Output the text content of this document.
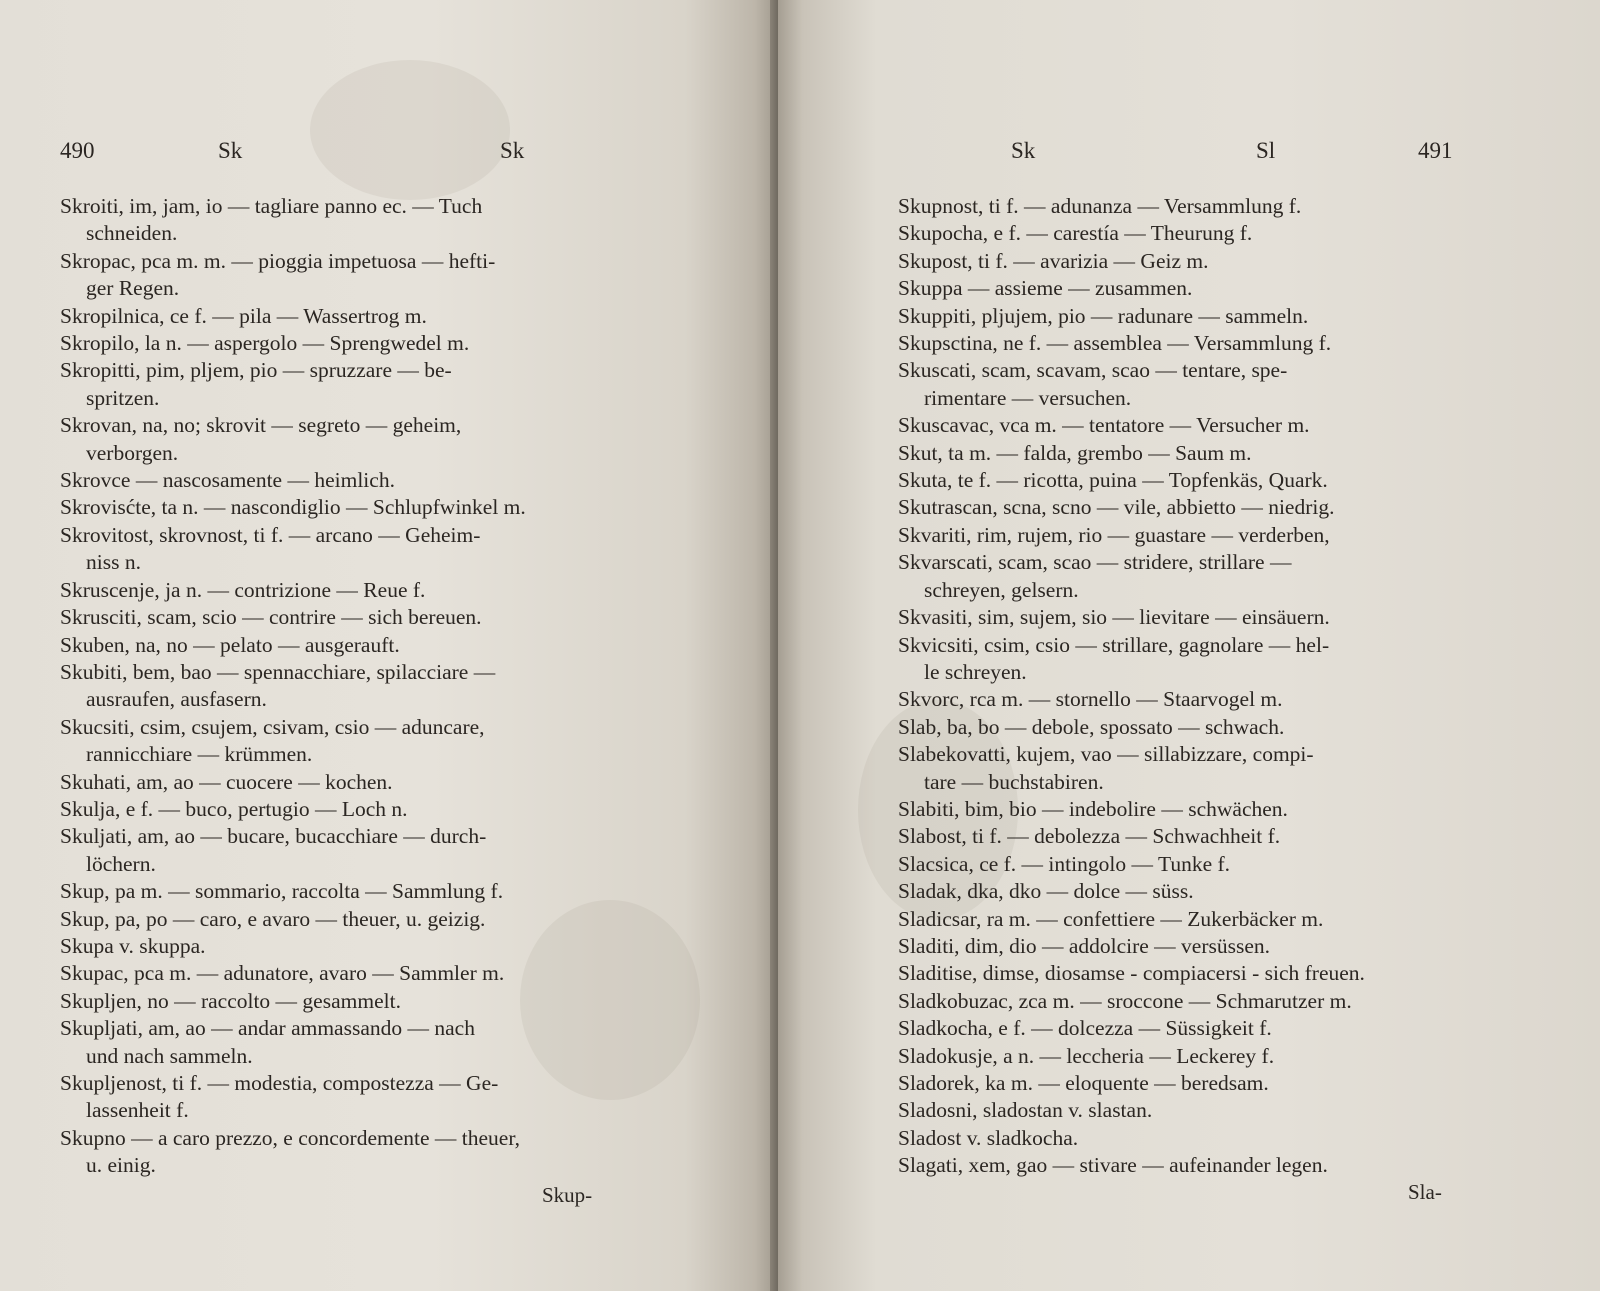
490	Sk	Sk
Skroiti, im, jam, io — tagliare panno ec. — Tuch
schneiden.
Skropac, pca m. m. — pioggia impetuosa — hefti-
ger Regen.
Skropilnica, ce f. — pila — Wassertrog m.
Skropilo, la n. — aspergolo — Sprengwedel m.
Skropitti, pim, pljem, pio — spruzzare — be-
spritzen.
Skrovan, na, no; skrovit — segreto — geheim,
verborgen.
Skrovce — nascosamente — heimlich.
Skrovisćte, ta n. — nascondiglio — Schlupfwinkel m.
Skrovitost, skrovnost, ti f. — arcano — Geheim-
niss n.
Skruscenje, ja n. — contrizione — Reue f.
Skrusciti, scam, scio — contrire — sich bereuen.
Skuben, na, no — pelato — ausgerauft.
Skubiti, bem, bao — spennacchiare, spilacciare —
ausraufen, ausfasern.
Skucsiti, csim, csujem, csivam, csio — aduncare,
rannicchiare — krümmen.
Skuhati, am, ao — cuocere — kochen.
Skulja, e f. — buco, pertugio — Loch n.
Skuljati, am, ao — bucare, bucacchiare — durch-
löchern.
Skup, pa m. — sommario, raccolta — Sammlung f.
Skup, pa, po — caro, e avaro — theuer, u. geizig.
Skupa v. skuppa.
Skupac, pca m. — adunatore, avaro — Sammler m.
Skupljen, no — raccolto — gesammelt.
Skupljati, am, ao — andar ammassando — nach
und nach sammeln.
Skupljenost, ti f. — modestia, compostezza — Ge-
lassenheit f.
Skupno — a caro prezzo, e concordemente — theuer,
u. einig.
Skup-
Sk	Sl	491
Skupnost, ti f. — adunanza — Versammlung f.
Skupocha, e f. — carestía — Theurung f.
Skupost, ti f. — avarizia — Geiz m.
Skuppa — assieme — zusammen.
Skuppiti, pljujem, pio — radunare — sammeln.
Skupsctina, ne f. — assemblea — Versammlung f.
Skuscati, scam, scavam, scao — tentare, spe-
rimentare — versuchen.
Skuscavac, vca m. — tentatore — Versucher m.
Skut, ta m. — falda, grembo — Saum m.
Skuta, te f. — ricotta, puina — Topfenkäs, Quark.
Skutrascan, scna, scno — vile, abbietto — niedrig.
Skvariti, rim, rujem, rio — guastare — verderben,
Skvarscati, scam, scao — stridere, strillare —
schreyen, gelsern.
Skvasiti, sim, sujem, sio — lievitare — einsäuern.
Skvicsiti, csim, csio — strillare, gagnolare — hel-
le schreyen.
Skvorc, rca m. — stornello — Staarvogel m.
Slab, ba, bo — debole, spossato — schwach.
Slabekovatti, kujem, vao — sillabizzare, compi-
tare — buchstabiren.
Slabiti, bim, bio — indebolire — schwächen.
Slabost, ti f. — debolezza — Schwachheit f.
Slacsica, ce f. — intingolo — Tunke f.
Sladak, dka, dko — dolce — süss.
Sladicsar, ra m. — confettiere — Zukerbäcker m.
Sladiti, dim, dio — addolcire — versüssen.
Sladitise, dimse, diosamse - compiacersi - sich freuen.
Sladkobuzac, zca m. — sroccone — Schmarutzer m.
Sladkocha, e f. — dolcezza — Süssigkeit f.
Sladokusje, a n. — leccheria — Leckerey f.
Sladorek, ka m. — eloquente — beredsam.
Sladosni, sladostan v. slastan.
Sladost v. sladkocha.
Slagati, xem, gao — stivare — aufeinander legen.
Sla-
